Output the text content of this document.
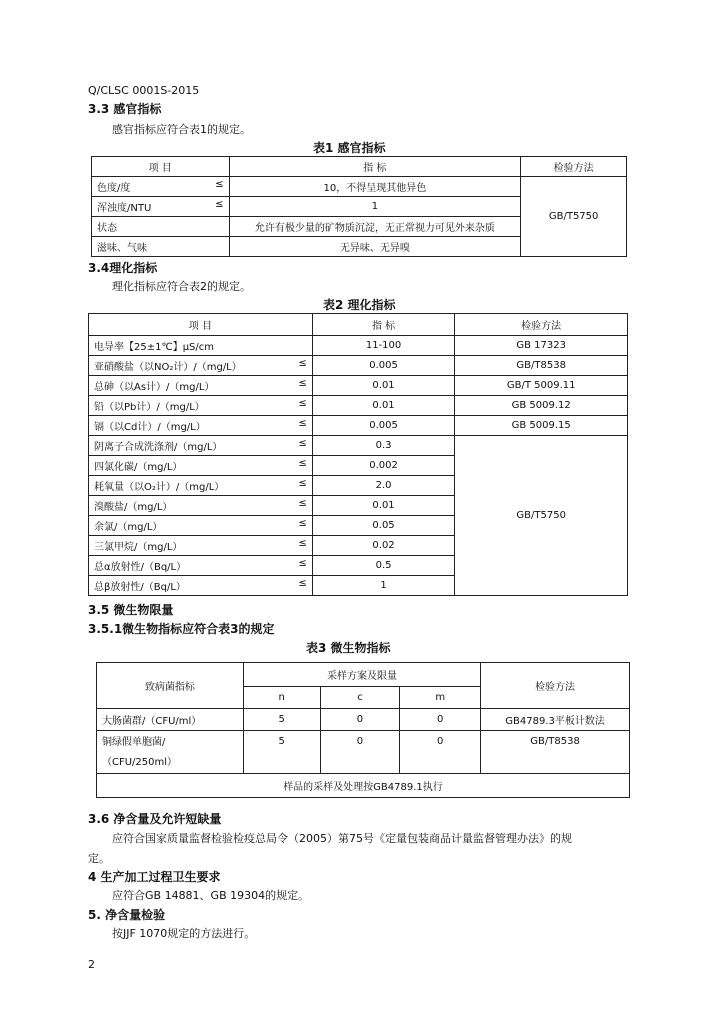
Q/CLSC 0001S-2015
3.3 感官指标
感官指标应符合表1的规定。
表1 感官指标
项 目	指 标	检验方法
色度/度 ≤	10，不得呈现其他异色	GB/T5750
浑浊度/NTU ≤	1	
状态	允许有极少量的矿物质沉淀，无正常视力可见外来杂质	
滋味、气味	无异味、无异嗅	
3.4理化指标
理化指标应符合表2的规定。
表2 理化指标
项 目	指 标	检验方法
电导率【25±1℃】μS/cm	11-100	GB 17323
亚硝酸盐（以NO₂计）/（mg/L） ≤	0.005	GB/T8538
总砷（以As计）/（mg/L） ≤	0.01	GB/T 5009.11
铅（以Pb计）/（mg/L） ≤	0.01	GB 5009.12
镉（以Cd计）/（mg/L） ≤	0.005	GB 5009.15
阴离子合成洗涤剂/（mg/L） ≤	0.3	GB/T5750
四氯化碳/（mg/L） ≤	0.002	
耗氧量（以O₂计）/（mg/L） ≤	2.0	
溴酸盐/（mg/L） ≤	0.01	
余氯/（mg/L） ≤	0.05	
三氯甲烷/（mg/L） ≤	0.02	
总α放射性/（Bq/L） ≤	0.5	
总β放射性/（Bq/L） ≤	1	
3.5 微生物限量
3.5.1微生物指标应符合表3的规定
表3 微生物指标
致病菌指标	采样方案及限量			检验方法
	n	c	m	
大肠菌群/（CFU/ml）	5	0	0	GB4789.3平板计数法

铜绿假单胞菌/
（CFU/250ml）	5	0	0	GB/T8538
样品的采样及处理按GB4789.1执行				
3.6 净含量及允许短缺量
应符合国家质量监督检验检疫总局令（2005）第75号《定量包装商品计量监督管理办法》的规
定。
4 生产加工过程卫生要求
应符合GB 14881、GB 19304的规定。
5. 净含量检验
按JJF 1070规定的方法进行。
2
